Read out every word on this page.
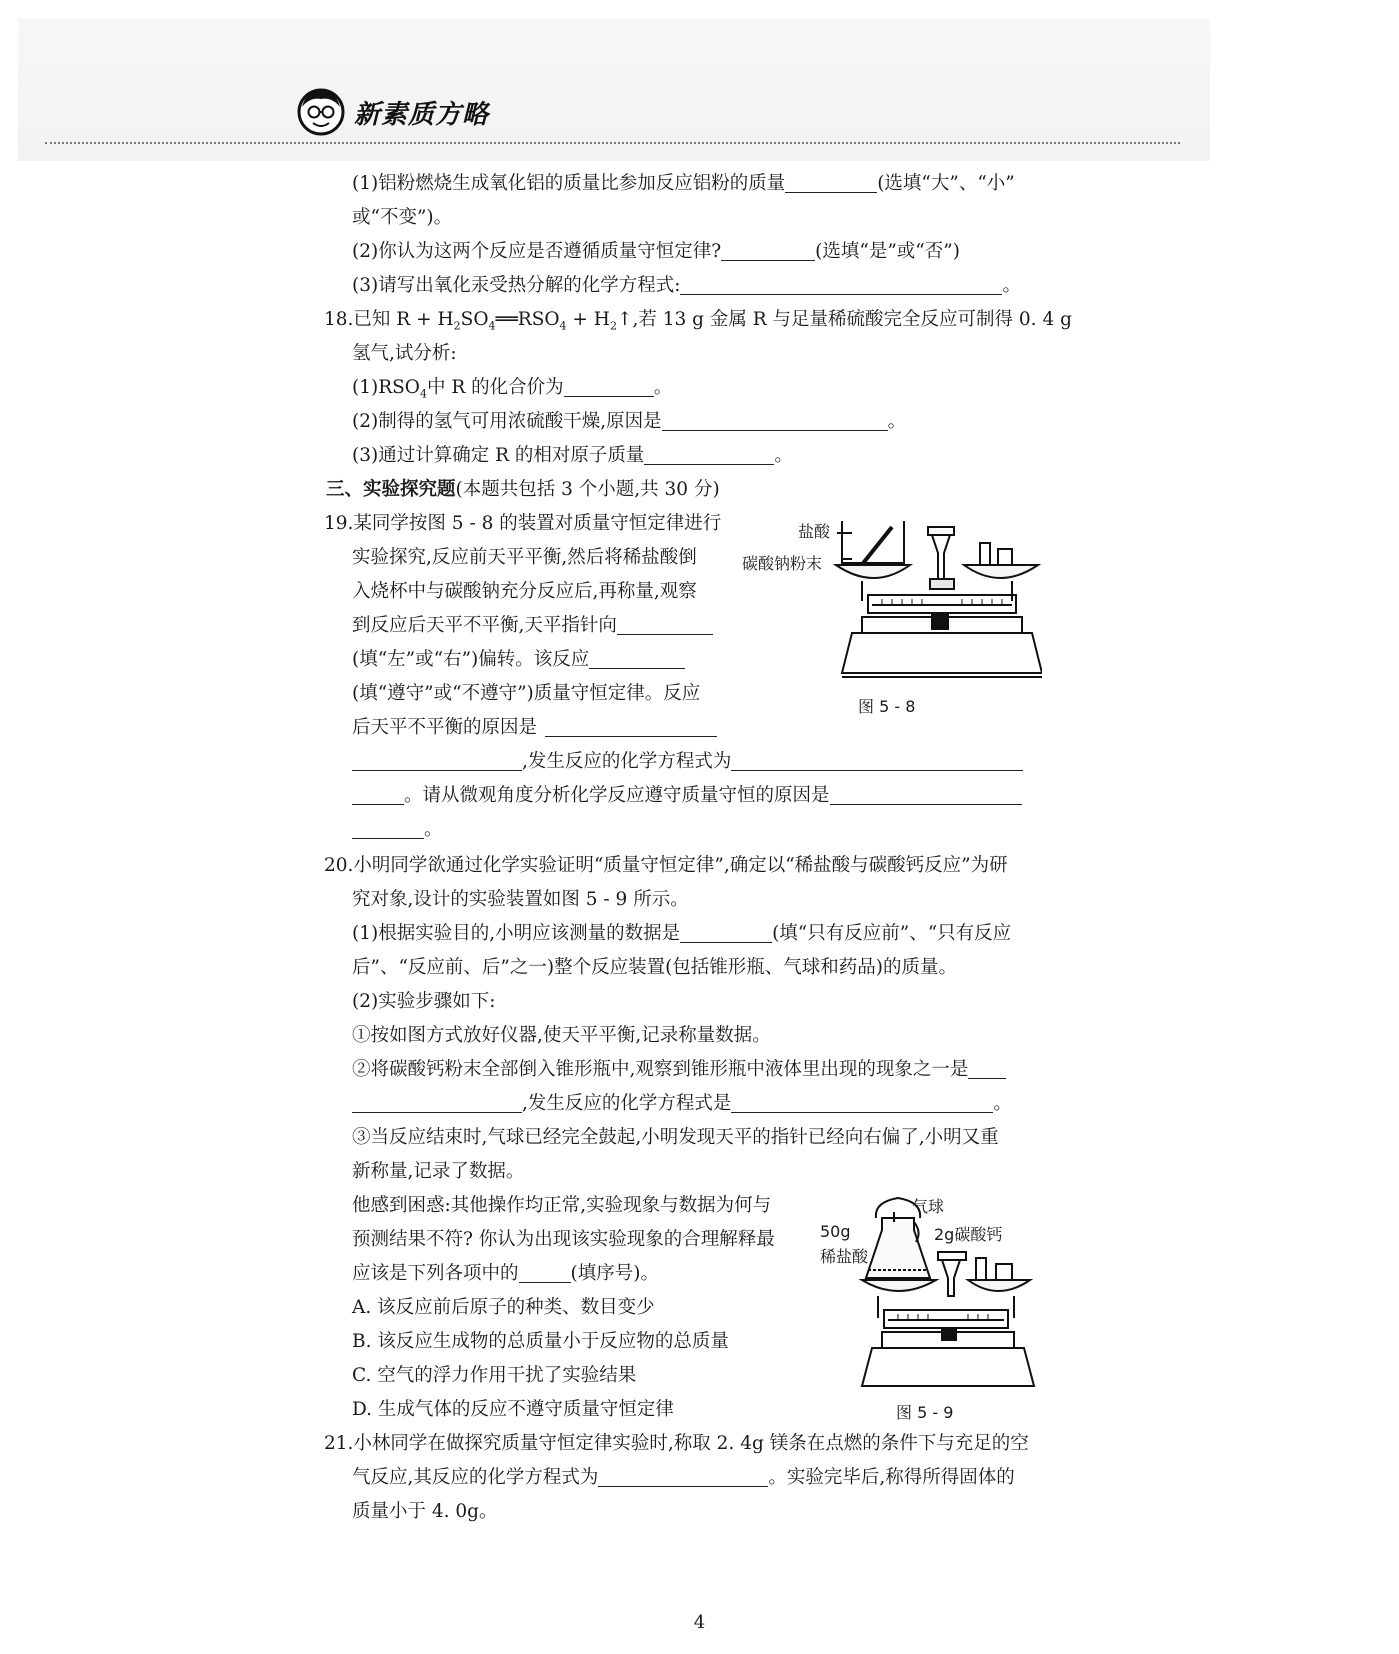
新素质方略
(1)铝粉燃烧生成氧化铝的质量比参加反应铝粉的质量	(选填“大”、“小”
或“不变”)。
(2)你认为这两个反应是否遵循质量守恒定律?	(选填“是”或“否”)
(3)请写出氧化汞受热分解的化学方程式:	。
18.已知 $R + H_2SO_4══RSO_4$ + $H_2↑$,若 13 g 金属 R 与足量稀硫酸完全反应可制得 0. 4 g
氢气,试分析:
$(1)RSO_4$中 R 的化合价为	。
(2)制得的氢气可用浓硫酸干燥,原因是	。
(3)通过计算确定 R 的相对原子质量	。
三、实验探究题(本题共包括 3 个小题,共 30 分)
19.某同学按图 5 - 8 的装置对质量守恒定律进行
实验探究,反应前天平平衡,然后将稀盐酸倒
入烧杯中与碳酸钠充分反应后,再称量,观察
到反应后天平不平衡,天平指针向
(填“左”或“右”)偏转。该反应
(填“遵守”或“不遵守”)质量守恒定律。反应
后天平不平衡的原因是
,发生反应的化学方程式为
。请从微观角度分析化学反应遵守质量守恒的原因是
。
盐酸
碳酸钠粉末
图 5 - 8
20.小明同学欲通过化学实验证明“质量守恒定律”,确定以“稀盐酸与碳酸钙反应”为研
究对象,设计的实验装置如图 5 - 9 所示。
(1)根据实验目的,小明应该测量的数据是	(填“只有反应前”、“只有反应
后”、“反应前、后”之一)整个反应装置(包括锥形瓶、气球和药品)的质量。
(2)实验步骤如下:
①按如图方式放好仪器,使天平平衡,记录称量数据。
②将碳酸钙粉末全部倒入锥形瓶中,观察到锥形瓶中液体里出现的现象之一是
,发生反应的化学方程式是	。
③当反应结束时,气球已经完全鼓起,小明发现天平的指针已经向右偏了,小明又重
新称量,记录了数据。
他感到困惑:其他操作均正常,实验现象与数据为何与
预测结果不符? 你认为出现该实验现象的合理解释最
应该是下列各项中的	(填序号)。
A. 该反应前后原子的种类、数目变少
B. 该反应生成物的总质量小于反应物的总质量
C. 空气的浮力作用干扰了实验结果
D. 生成气体的反应不遵守质量守恒定律
气球
2g碳酸钙
50g
稀盐酸
图 5 - 9
21.小林同学在做探究质量守恒定律实验时,称取 2. 4g 镁条在点燃的条件下与充足的空
气反应,其反应的化学方程式为	。实验完毕后,称得所得固体的
质量小于 4. 0g。
4
